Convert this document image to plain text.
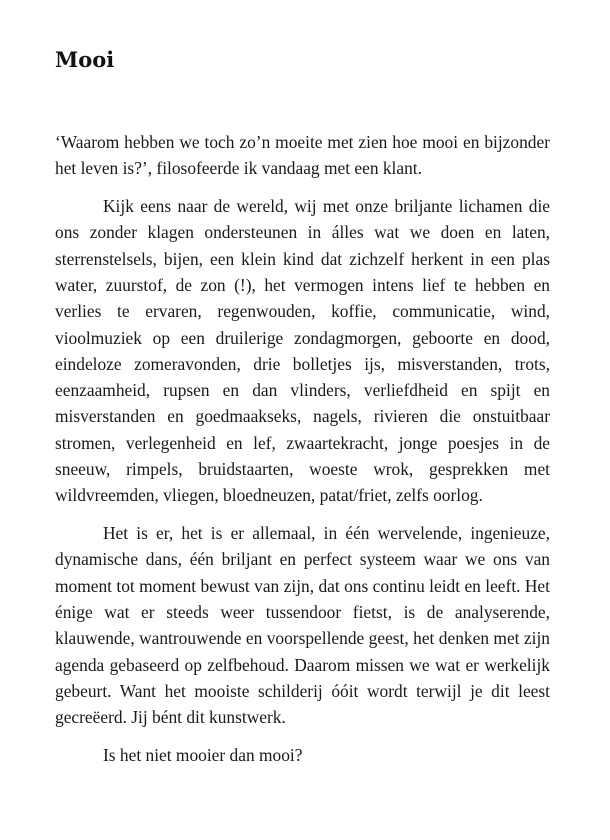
Mooi

‘Waarom hebben we toch zo’n moeite met zien hoe mooi en bijzonder het leven is?’, filosofeerde ik vandaag met een klant.

Kijk eens naar de wereld, wij met onze briljante lichamen die ons zonder klagen ondersteunen in álles wat we doen en laten, sterrenstelsels, bijen, een klein kind dat zichzelf herkent in een plas water, zuurstof, de zon (!), het vermogen intens lief te hebben en verlies te ervaren, regenwouden, koffie, communicatie, wind, vioolmuziek op een druilerige zondagmorgen, geboorte en dood, eindeloze zomeravonden, drie bolletjes ijs, misverstanden, trots, eenzaamheid, rupsen en dan vlinders, verliefdheid en spijt en misverstanden en goedmaakseks, nagels, rivieren die onstuitbaar stromen, verlegenheid en lef, zwaartekracht, jonge poesjes in de sneeuw, rimpels, bruidstaarten, woeste wrok, gesprekken met wildvreemden, vliegen, bloedneuzen, patat/friet, zelfs oorlog.

Het is er, het is er allemaal, in één wervelende, ingenieuze, dynamische dans, één briljant en perfect systeem waar we ons van moment tot moment bewust van zijn, dat ons continu leidt en leeft. Het énige wat er steeds weer tussendoor fietst, is de analyserende, klauwende, wantrouwende en voorspellende geest, het denken met zijn agenda gebaseerd op zelfbehoud. Daarom missen we wat er werkelijk gebeurt. Want het mooiste schilderij óóit wordt terwijl je dit leest gecreëerd. Jij bént dit kunstwerk.

Is het niet mooier dan mooi?
